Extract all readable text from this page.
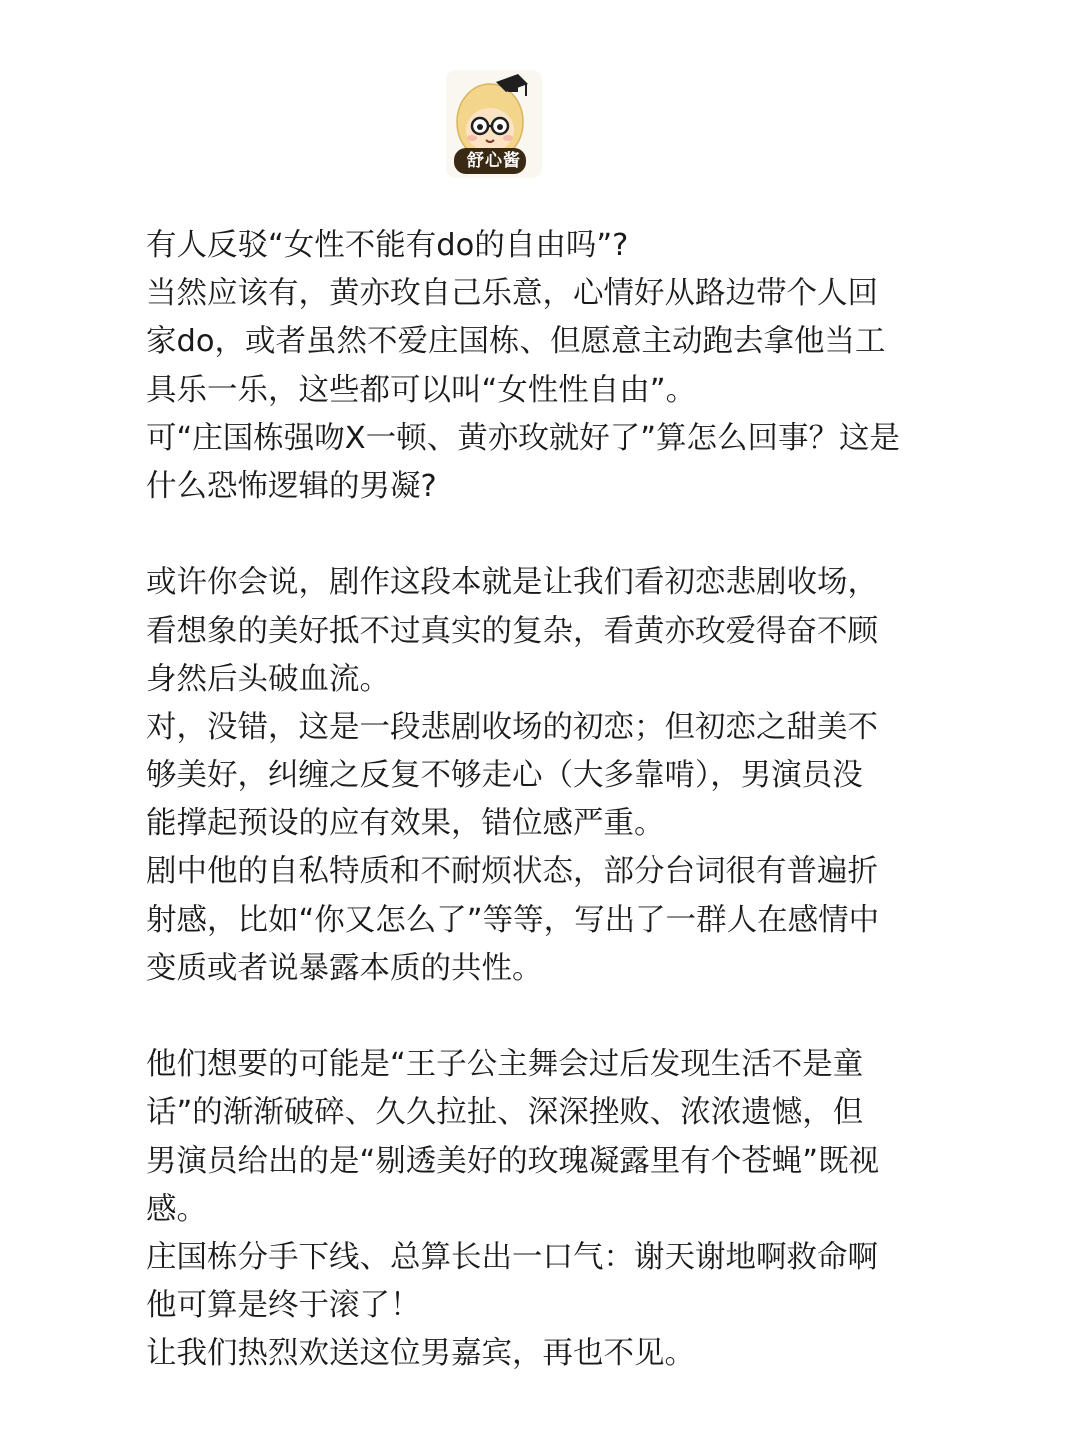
舒心酱
有人反驳“女性不能有do的自由吗”?
当然应该有，黄亦玫自己乐意，心情好从路边带个人回
家do，或者虽然不爱庄国栋、但愿意主动跑去拿他当工
具乐一乐，这些都可以叫“女性性自由”。
可“庄国栋强吻X一顿、黄亦玫就好了”算怎么回事？这是
什么恐怖逻辑的男凝?
或许你会说，剧作这段本就是让我们看初恋悲剧收场，
看想象的美好抵不过真实的复杂，看黄亦玫爱得奋不顾
身然后头破血流。
对，没错，这是一段悲剧收场的初恋；但初恋之甜美不
够美好，纠缠之反复不够走心（大多靠啃），男演员没
能撑起预设的应有效果，错位感严重。
剧中他的自私特质和不耐烦状态，部分台词很有普遍折
射感，比如“你又怎么了”等等，写出了一群人在感情中
变质或者说暴露本质的共性。
他们想要的可能是“王子公主舞会过后发现生活不是童
话”的渐渐破碎、久久拉扯、深深挫败、浓浓遗憾，但
男演员给出的是“剔透美好的玫瑰凝露里有个苍蝇”既视
感。
庄国栋分手下线、总算长出一口气：谢天谢地啊救命啊
他可算是终于滚了！
让我们热烈欢送这位男嘉宾，再也不见。
